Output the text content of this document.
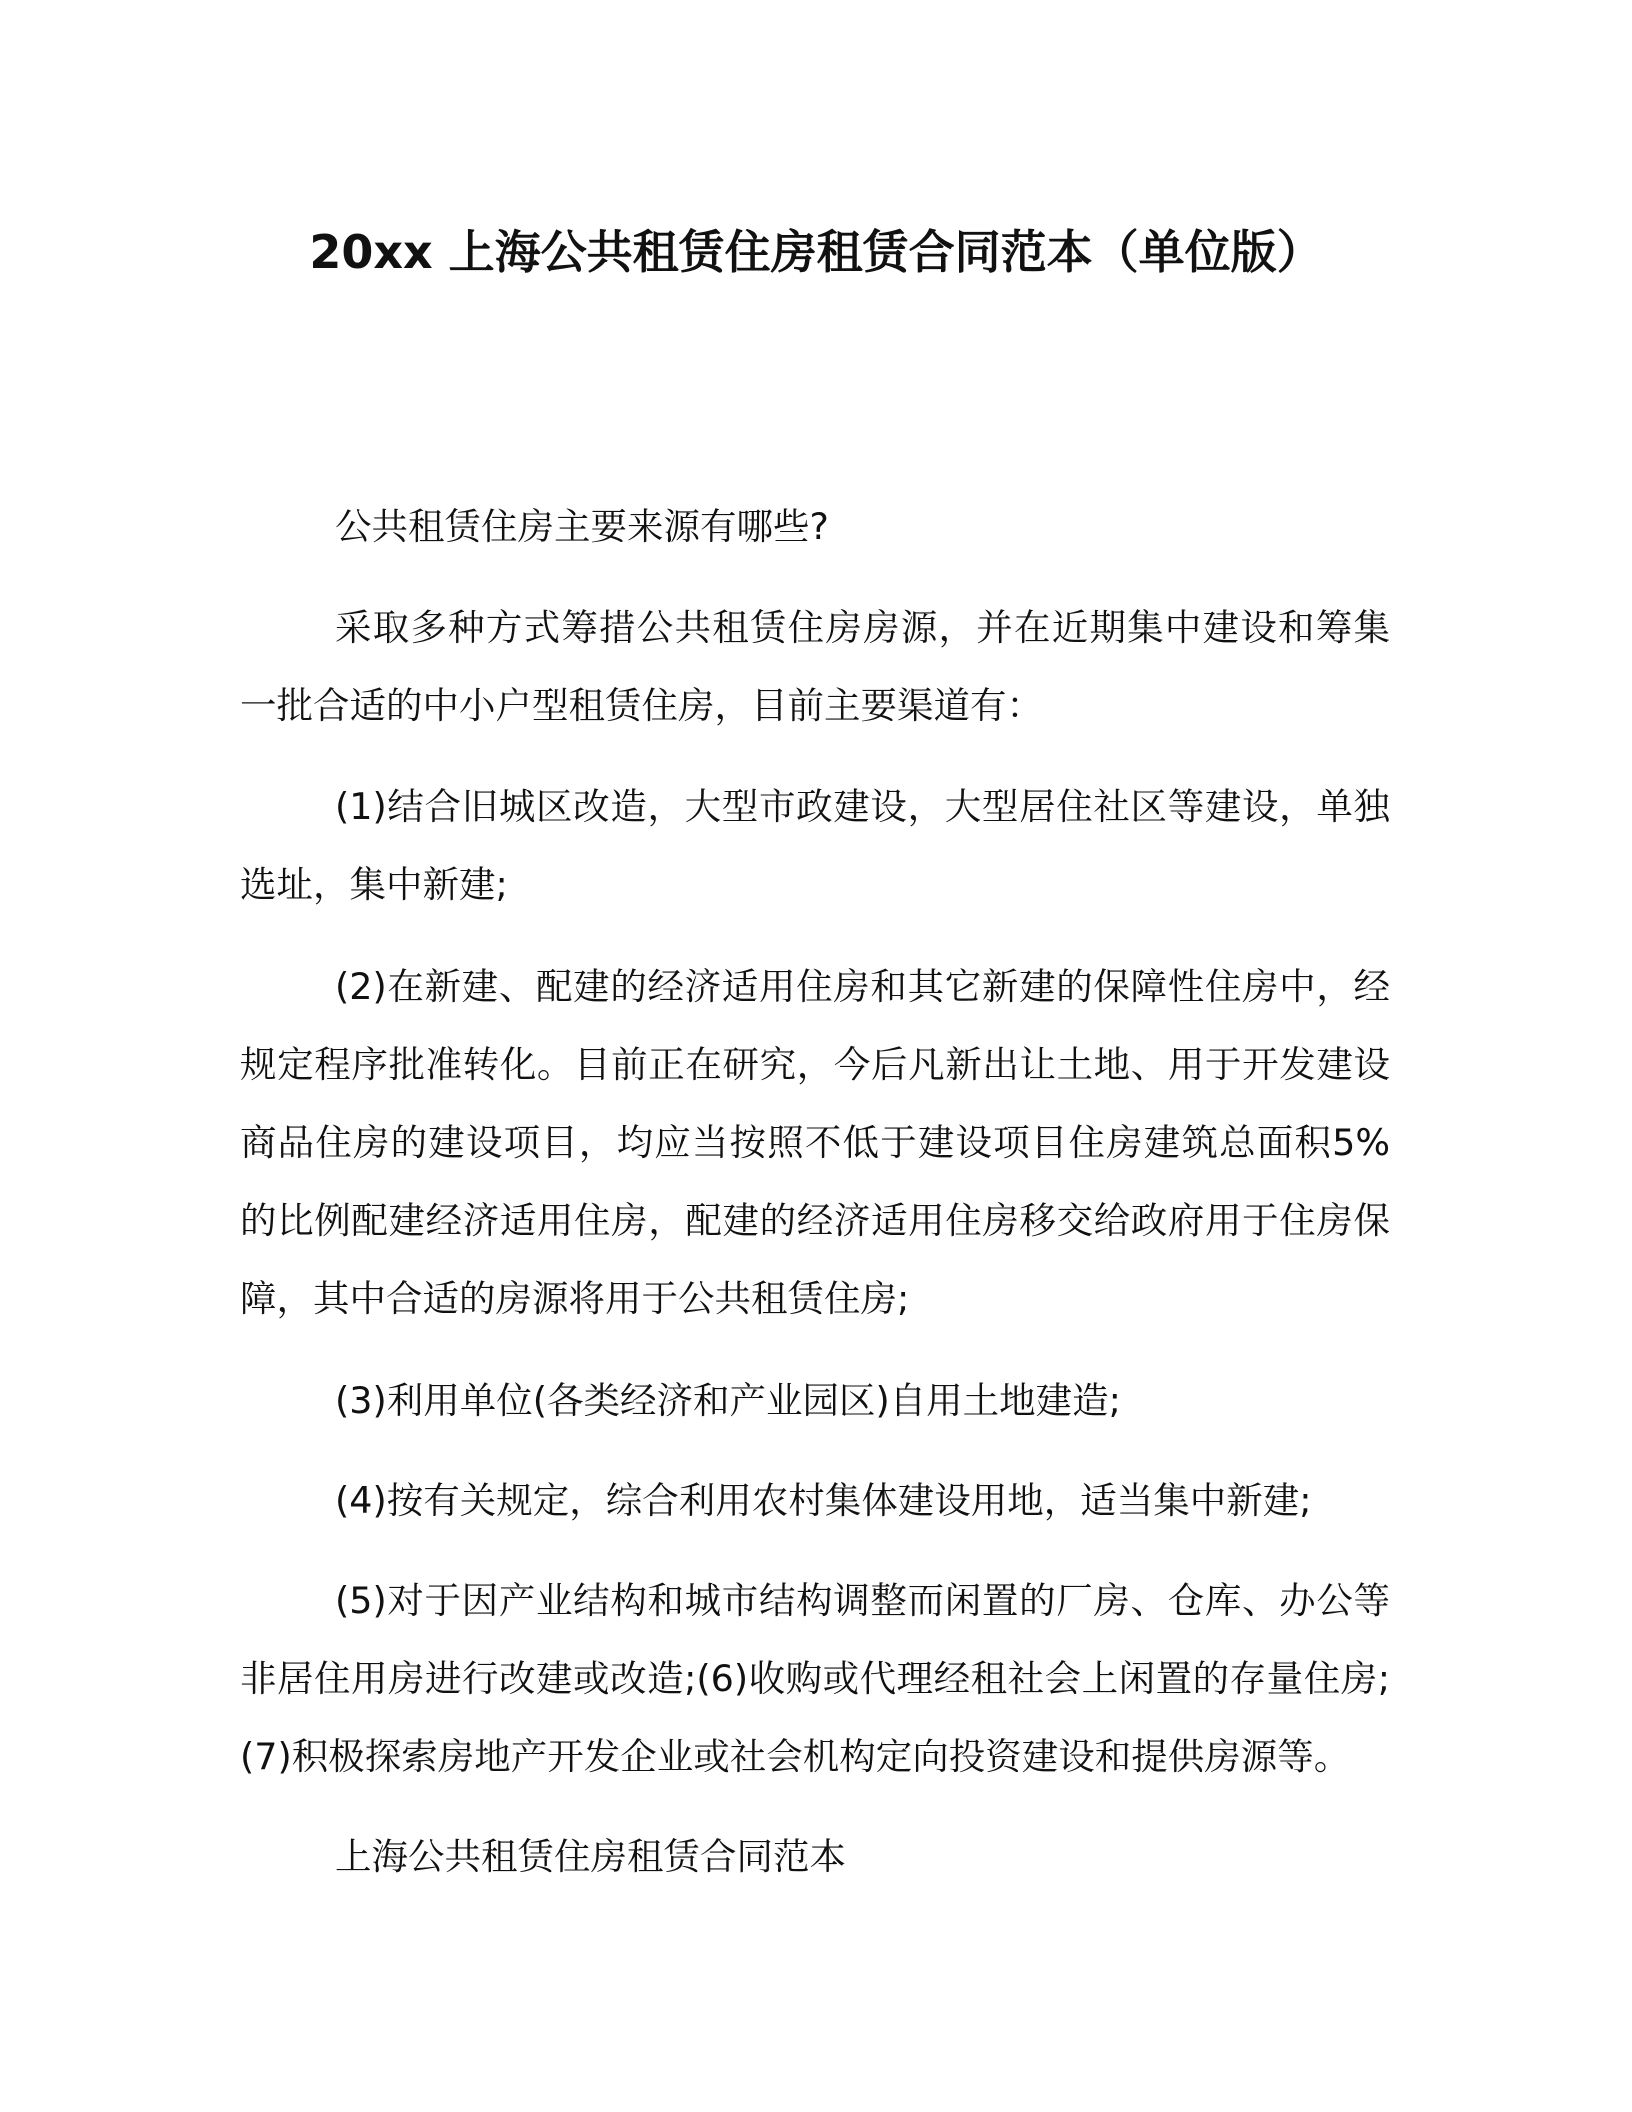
20xx 上海公共租赁住房租赁合同范本（单位版）

公共租赁住房主要来源有哪些?

采取多种方式筹措公共租赁住房房源，并在近期集中建设和筹集一批合适的中小户型租赁住房，目前主要渠道有：

(1)结合旧城区改造，大型市政建设，大型居住社区等建设，单独选址，集中新建;

(2)在新建、配建的经济适用住房和其它新建的保障性住房中，经规定程序批准转化。目前正在研究，今后凡新出让土地、用于开发建设商品住房的建设项目，均应当按照不低于建设项目住房建筑总面积5%的比例配建经济适用住房，配建的经济适用住房移交给政府用于住房保障，其中合适的房源将用于公共租赁住房;

(3)利用单位(各类经济和产业园区)自用土地建造;

(4)按有关规定，综合利用农村集体建设用地，适当集中新建;

(5)对于因产业结构和城市结构调整而闲置的厂房、仓库、办公等非居住用房进行改建或改造;(6)收购或代理经租社会上闲置的存量住房;(7)积极探索房地产开发企业或社会机构定向投资建设和提供房源等。

上海公共租赁住房租赁合同范本
